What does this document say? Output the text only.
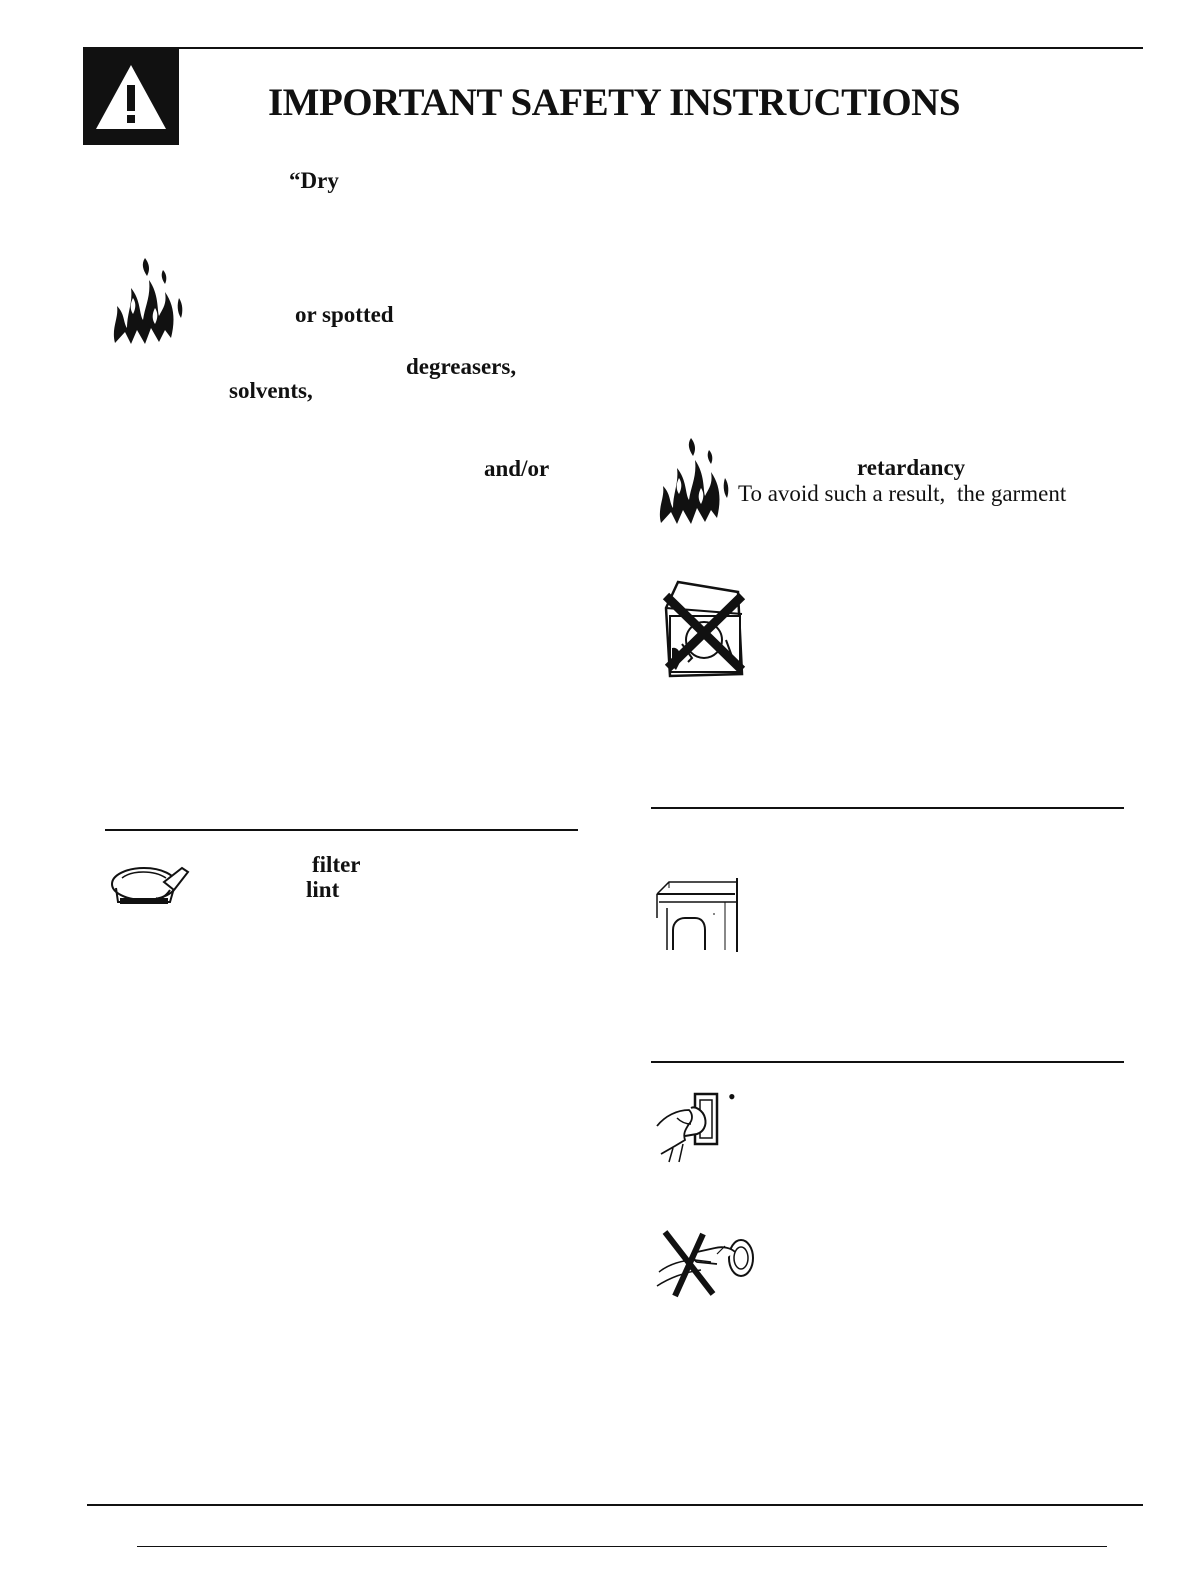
IMPORTANT SAFETY INSTRUCTIONS
“Dry
or spotted
degreasers,
solvents,
and/or
filter
lint
retardancy
To avoid such a result, the garment
•
